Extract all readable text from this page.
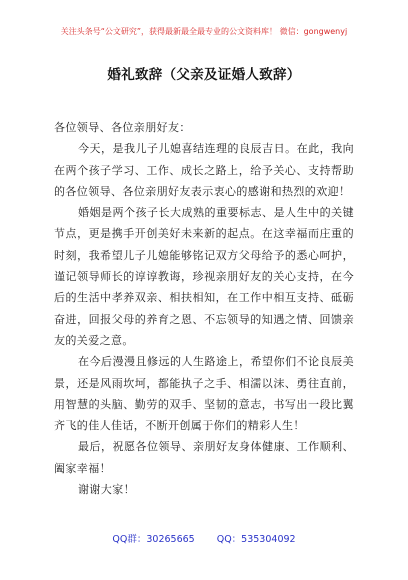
关注头条号“公文研究”，获得最新最全最专业的公文资料库！ 微信：gongwenyj
婚礼致辞（父亲及证婚人致辞）

各位领导、各位亲朋好友：

今天，是我儿子儿媳喜结连理的良辰吉日。在此，我向在两个孩子学习、工作、成长之路上，给予关心、支持帮助的各位领导、各位亲朋好友表示衷心的感谢和热烈的欢迎！

婚姻是两个孩子长大成熟的重要标志、是人生中的关键节点，更是携手开创美好未来新的起点。在这幸福而庄重的时刻，我希望儿子儿媳能够铭记双方父母给予的悉心呵护，谨记领导师长的谆谆教诲，珍视亲朋好友的关心支持，在今后的生活中孝养双亲、相扶相知，在工作中相互支持、砥砺奋进，回报父母的养育之恩、不忘领导的知遇之情、回馈亲友的关爱之意。

在今后漫漫且修远的人生路途上，希望你们不论良辰美景，还是风雨坎坷，都能执子之手、相濡以沫、勇往直前，用智慧的头脑、勤劳的双手、坚韧的意志，书写出一段比翼齐飞的佳人佳话，不断开创属于你们的精彩人生！

最后，祝愿各位领导、亲朋好友身体健康、工作顺利、阖家幸福！

谢谢大家！

QQ群：30265665 QQ：535304092
